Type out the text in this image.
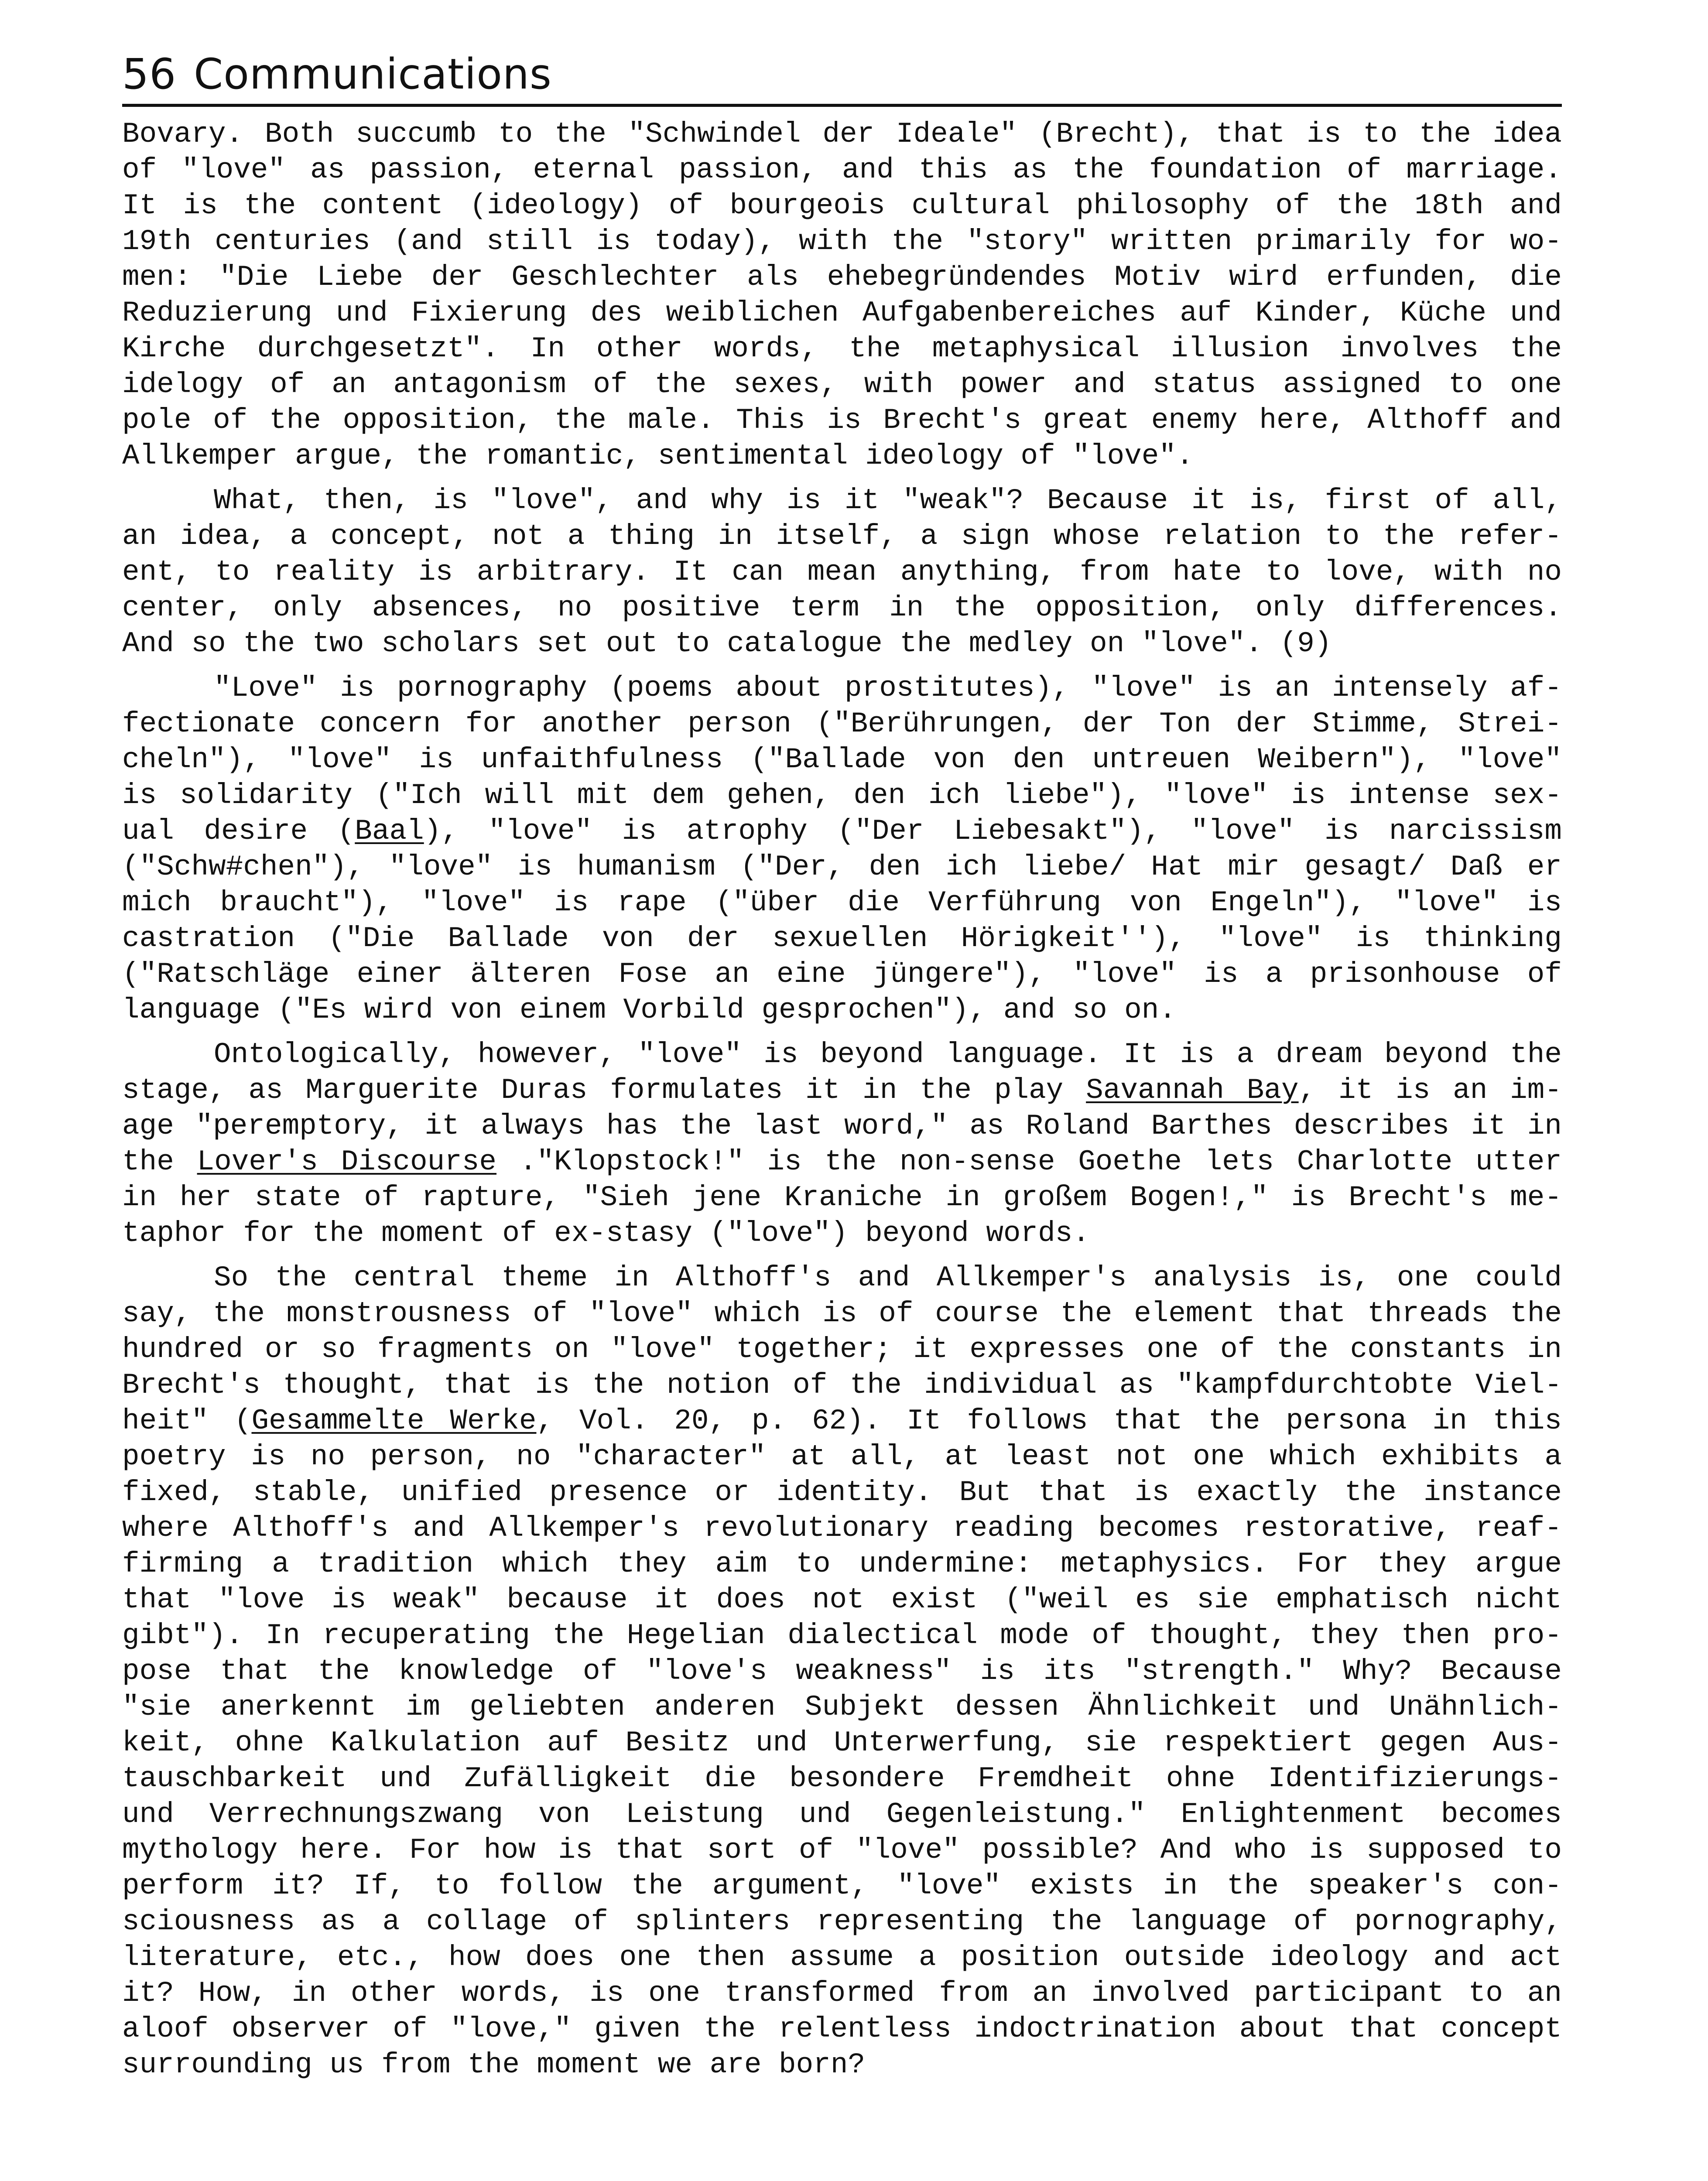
56 Communications
Bovary. Both succumb to the "Schwindel der Ideale" (Brecht), that is to the idea
of "love" as passion, eternal passion, and this as the foundation of marriage.
It is the content (ideology) of bourgeois cultural philosophy of the 18th and
19th centuries (and still is today), with the "story" written primarily for wo-
men: "Die Liebe der Geschlechter als ehebegründendes Motiv wird erfunden, die
Reduzierung und Fixierung des weiblichen Aufgabenbereiches auf Kinder, Küche und
Kirche durchgesetzt". In other words, the metaphysical illusion involves the
idelogy of an antagonism of the sexes, with power and status assigned to one
pole of the opposition, the male. This is Brecht's great enemy here, Althoff and
Allkemper argue, the romantic, sentimental ideology of "love".
What, then, is "love", and why is it "weak"? Because it is, first of all,
an idea, a concept, not a thing in itself, a sign whose relation to the refer-
ent, to reality is arbitrary. It can mean anything, from hate to love, with no
center, only absences, no positive term in the opposition, only differences.
And so the two scholars set out to catalogue the medley on "love". (9)
"Love" is pornography (poems about prostitutes), "love" is an intensely af-
fectionate concern for another person ("Berührungen, der Ton der Stimme, Strei-
cheln"), "love" is unfaithfulness ("Ballade von den untreuen Weibern"), "love"
is solidarity ("Ich will mit dem gehen, den ich liebe"), "love" is intense sex-
ual desire (Baal), "love" is atrophy ("Der Liebesakt"), "love" is narcissism
("Schw#chen"), "love" is humanism ("Der, den ich liebe/ Hat mir gesagt/ Daß er
mich braucht"), "love" is rape ("über die Verführung von Engeln"), "love" is
castration ("Die Ballade von der sexuellen Hörigkeit''), "love" is thinking
("Ratschläge einer älteren Fose an eine jüngere"), "love" is a prisonhouse of
language ("Es wird von einem Vorbild gesprochen"), and so on.
Ontologically, however, "love" is beyond language. It is a dream beyond the
stage, as Marguerite Duras formulates it in the play Savannah Bay, it is an im-
age "peremptory, it always has the last word," as Roland Barthes describes it in
the Lover's Discourse ."Klopstock!" is the non-sense Goethe lets Charlotte utter
in her state of rapture, "Sieh jene Kraniche in großem Bogen!," is Brecht's me-
taphor for the moment of ex-stasy ("love") beyond words.
So the central theme in Althoff's and Allkemper's analysis is, one could
say, the monstrousness of "love" which is of course the element that threads the
hundred or so fragments on "love" together; it expresses one of the constants in
Brecht's thought, that is the notion of the individual as "kampfdurchtobte Viel-
heit" (Gesammelte Werke, Vol. 20, p. 62). It follows that the persona in this
poetry is no person, no "character" at all, at least not one which exhibits a
fixed, stable, unified presence or identity. But that is exactly the instance
where Althoff's and Allkemper's revolutionary reading becomes restorative, reaf-
firming a tradition which they aim to undermine: metaphysics. For they argue
that "love is weak" because it does not exist ("weil es sie emphatisch nicht
gibt"). In recuperating the Hegelian dialectical mode of thought, they then pro-
pose that the knowledge of "love's weakness" is its "strength." Why? Because
"sie anerkennt im geliebten anderen Subjekt dessen Ähnlichkeit und Unähnlich-
keit, ohne Kalkulation auf Besitz und Unterwerfung, sie respektiert gegen Aus-
tauschbarkeit und Zufälligkeit die besondere Fremdheit ohne Identifizierungs-
und Verrechnungszwang von Leistung und Gegenleistung." Enlightenment becomes
mythology here. For how is that sort of "love" possible? And who is supposed to
perform it? If, to follow the argument, "love" exists in the speaker's con-
sciousness as a collage of splinters representing the language of pornography,
literature, etc., how does one then assume a position outside ideology and act
it? How, in other words, is one transformed from an involved participant to an
aloof observer of "love," given the relentless indoctrination about that concept
surrounding us from the moment we are born?
